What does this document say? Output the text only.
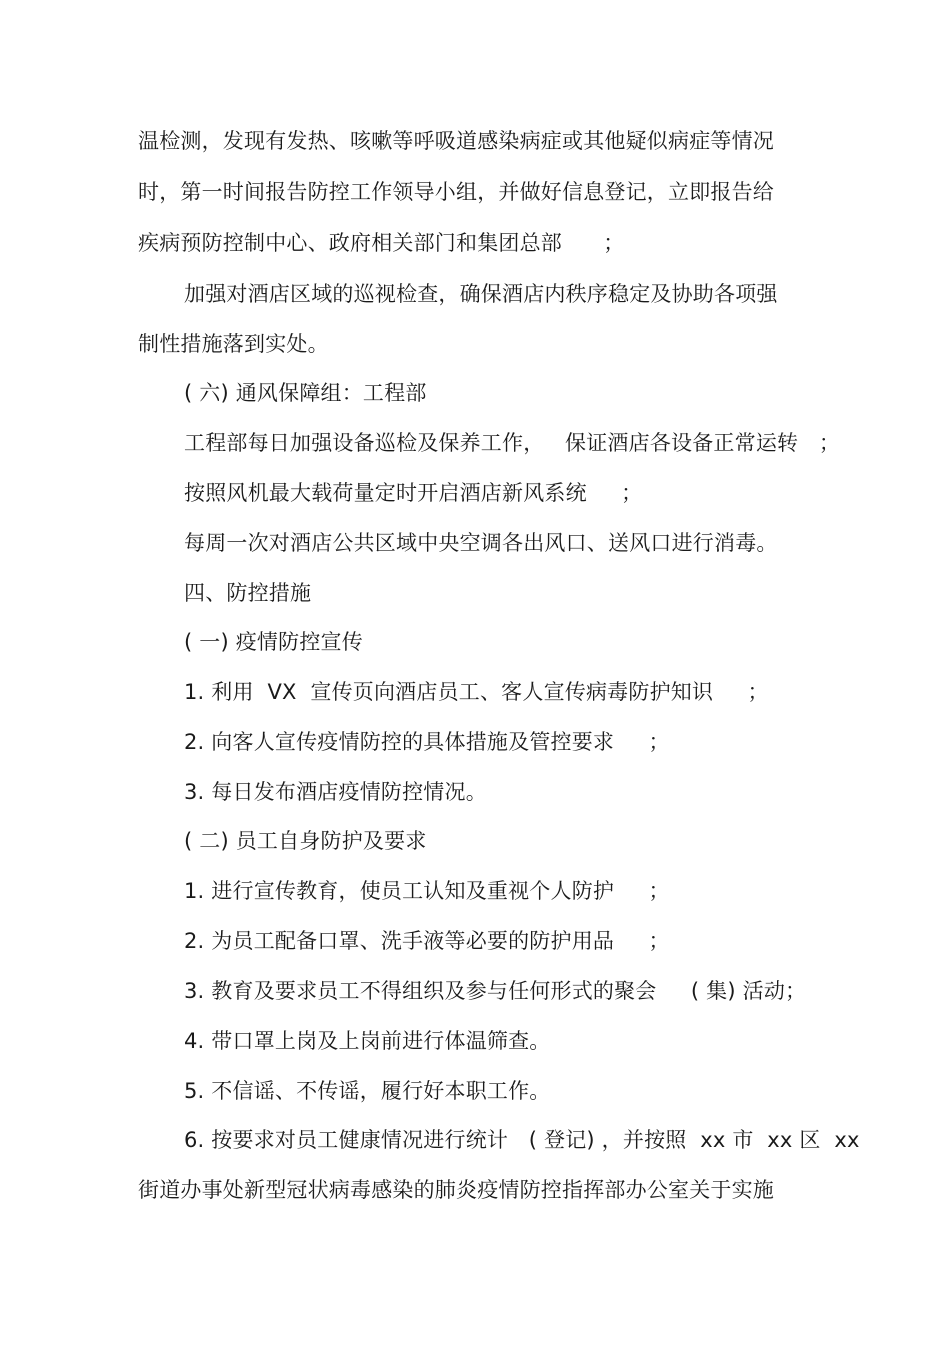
温检测，发现有发热、咳嗽等呼吸道感染病症或其他疑似病症等情况
时，第一时间报告防控工作领导小组，并做好信息登记，立即报告给
疾病预防控制中心、政府相关部门和集团总部      ；
加强对酒店区域的巡视检查，确保酒店内秩序稳定及协助各项强
制性措施落到实处。
( 六) 通风保障组：工程部
工程部每日加强设备巡检及保养工作，   保证酒店各设备正常运转   ；
按照风机最大载荷量定时开启酒店新风系统     ；
每周一次对酒店公共区域中央空调各出风口、送风口进行消毒。
四、防控措施
( 一) 疫情防控宣传
1. 利用  VX  宣传页向酒店员工、客人宣传病毒防护知识     ；
2. 向客人宣传疫情防控的具体措施及管控要求     ；
3. 每日发布酒店疫情防控情况。
( 二) 员工自身防护及要求
1. 进行宣传教育，使员工认知及重视个人防护     ；
2. 为员工配备口罩、洗手液等必要的防护用品     ；
3. 教育及要求员工不得组织及参与任何形式的聚会     ( 集) 活动；
4. 带口罩上岗及上岗前进行体温筛查。
5. 不信谣、不传谣，履行好本职工作。
6. 按要求对员工健康情况进行统计   ( 登记) ，并按照  xx 市  xx 区  xx
街道办事处新型冠状病毒感染的肺炎疫情防控指挥部办公室关于实施
